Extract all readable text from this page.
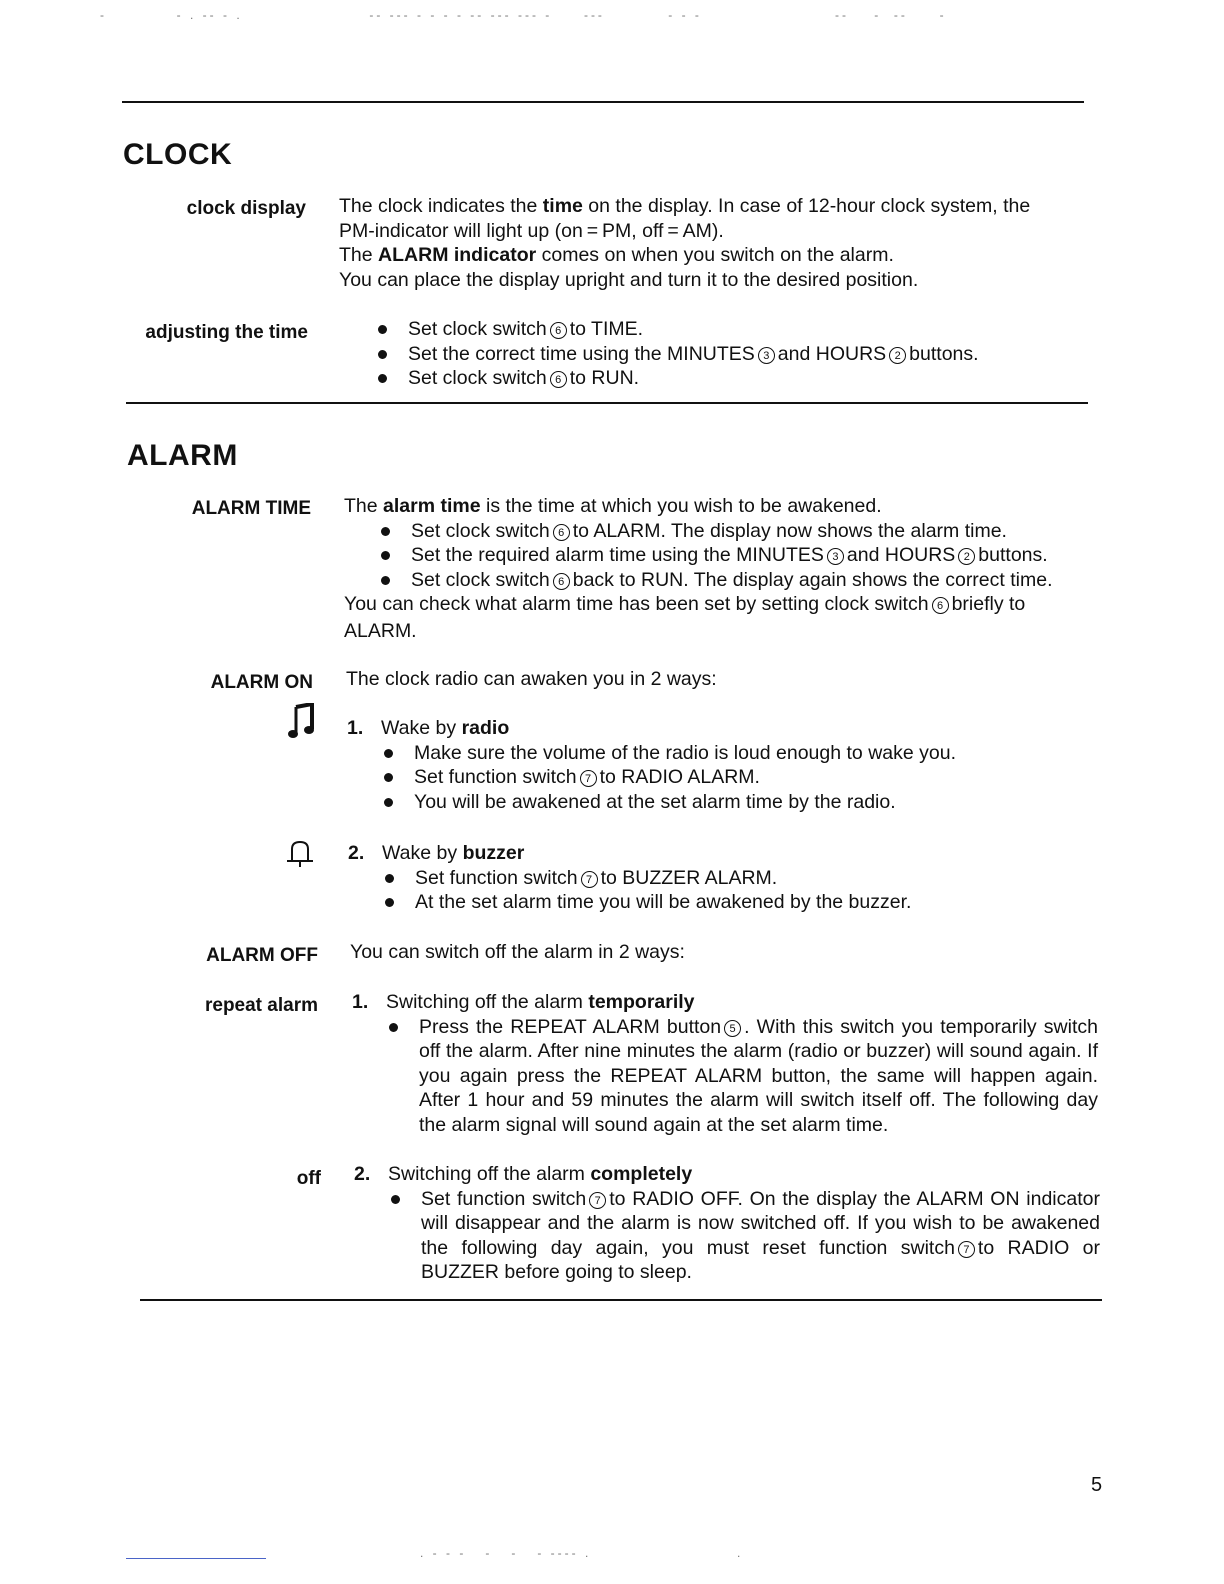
-           - . -- - .                    -- --- - - - - -- --- --- -     ---          - - -                     --    -  --     -
CLOCK
clock display The clock indicates the time on the display. In case of 12-hour clock system, the

PM-indicator will light up (on = PM, off = AM).

The ALARM indicator comes on when you switch on the alarm.

You can place the display upright and turn it to the desired position.

adjusting the time	Set clock switch 6 to TIME.
Set the correct time using the MINUTES 3 and HOURS 2 buttons.
Set clock switch 6 to RUN.
ALARM
ALARM TIME The alarm time is the time at which you wish to be awakened.

Set clock switch 6 to ALARM. The display now shows the alarm time.
Set the required alarm time using the MINUTES 3 and HOURS 2 buttons.
Set clock switch 6 back to RUN. The display again shows the correct time.

You can check what alarm time has been set by setting clock switch 6 briefly to

ALARM.

ALARM ON The clock radio can awaken you in 2 ways:
1. Wake by radio
Make sure the volume of the radio is loud enough to wake you.
Set function switch 7 to RADIO ALARM.
You will be awakened at the set alarm time by the radio.
2. Wake by buzzer
Set function switch 7 to BUZZER ALARM.
At the set alarm time you will be awakened by the buzzer.
ALARM OFF You can switch off the alarm in 2 ways:
repeat alarm 1. Switching off the alarm temporarily
Press the REPEAT ALARM button 5 . With this switch you temporarily switch off the alarm. After nine minutes the alarm (radio or buzzer) will sound again. If you again press the REPEAT ALARM button, the same will happen again. After 1 hour and 59 minutes the alarm will switch itself off. The following day the alarm signal will sound again at the set alarm time.
off 2. Switching off the alarm completely
Set function switch 7 to RADIO OFF. On the display the ALARM ON indicator will disappear and the alarm is now switched off. If you wish to be awakened the following day again, you must reset function switch 7 to RADIO or BUZZER before going to sleep.
5
. - - -   -   -   - ---- .                       .
